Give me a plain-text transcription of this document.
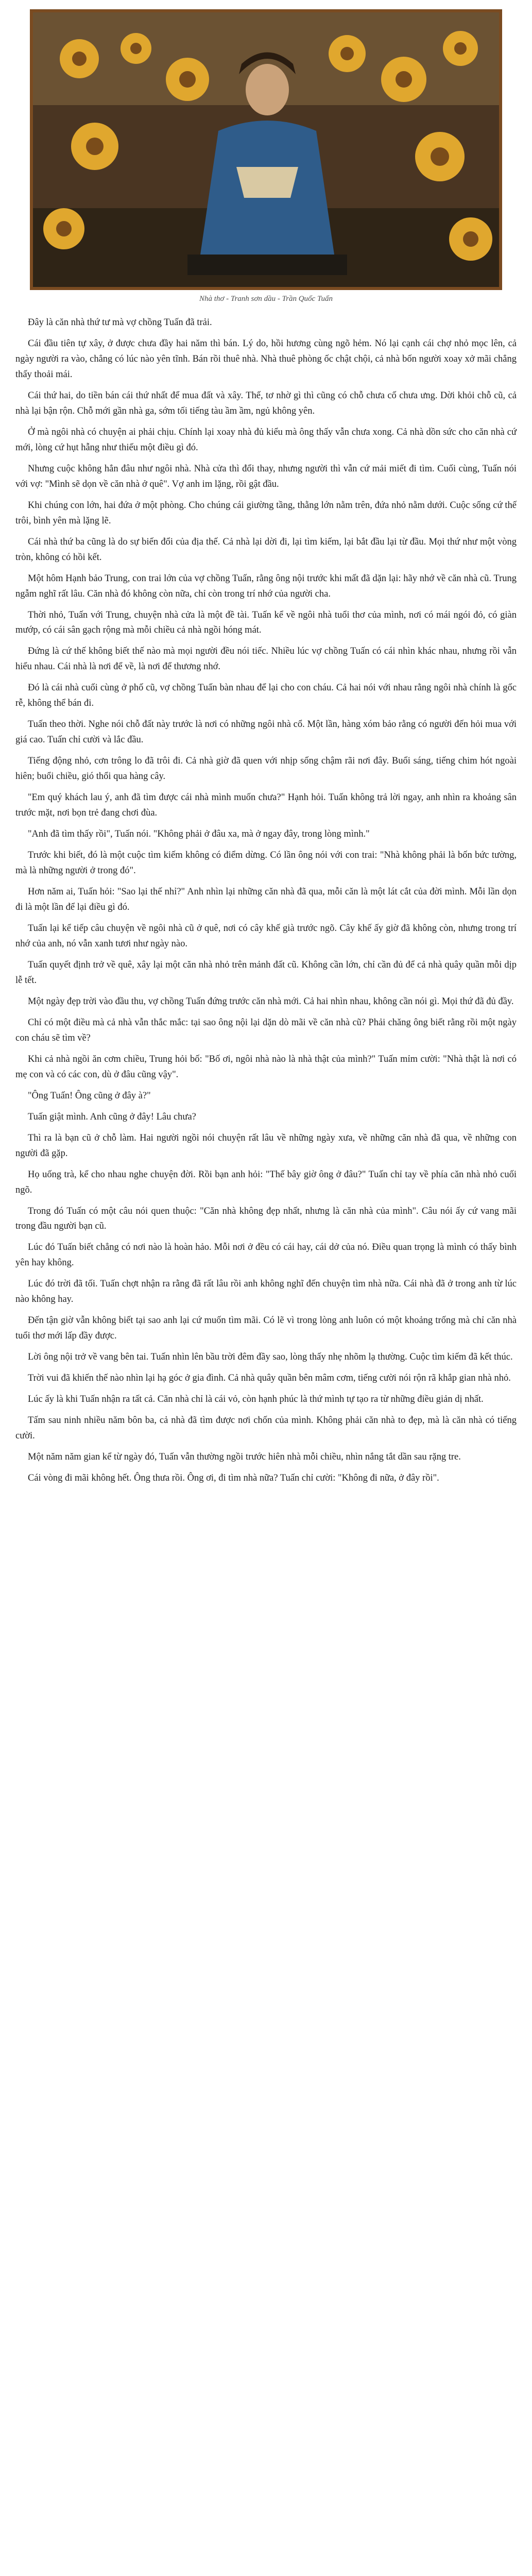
Nhà thơ - Tranh sơn dầu - Trần Quốc Tuấn

Đây là căn nhà thứ tư mà vợ chồng Tuấn đã trải.

Cái đầu tiên tự xây, ở được chưa đầy hai năm thì bán. Lý do, hồi hương cùng ngõ hẻm. Nó lại cạnh cái chợ nhỏ mọc lên, cả ngày người ra vào, chẳng có lúc nào yên tĩnh. Bán rồi thuê nhà. Nhà thuê phòng ốc chật chội, cả nhà bốn người xoay xở mãi chẳng thấy thoải mái.

Cái thứ hai, do tiền bán cái thứ nhất để mua đất và xây. Thế, tơ nhờ gì thì cũng có chỗ chưa cố chưa ưng. Dời khỏi chỗ cũ, cả nhà lại bận rộn. Chỗ mới gần nhà ga, sớm tối tiếng tàu ầm ầm, ngủ không yên.

Ở mà ngôi nhà có chuyện ai phải chịu. Chính lại xoay nhà đủ kiểu mà ông thấy vẫn chưa xong. Cả nhà dồn sức cho căn nhà cứ mới, lòng cứ hụt hẫng như thiếu một điều gì đó.

Nhưng cuộc không hẳn đâu như ngôi nhà. Nhà cửa thì đổi thay, nhưng người thì vẫn cứ mải miết đi tìm. Cuối cùng, Tuấn nói với vợ: "Mình sẽ dọn về căn nhà ở quê". Vợ anh im lặng, rồi gật đầu.

Khi chúng con lớn, hai đứa ở một phòng. Cho chúng cái giường tầng, thằng lớn nằm trên, đứa nhỏ nằm dưới. Cuộc sống cứ thế trôi, bình yên mà lặng lẽ.

Cái nhà thứ ba cũng là do sự biến đổi của địa thế. Cả nhà lại dời đi, lại tìm kiếm, lại bắt đầu lại từ đầu. Mọi thứ như một vòng tròn, không có hồi kết.

Một hôm Hạnh bảo Trung, con trai lớn của vợ chồng Tuấn, rằng ông nội trước khi mất đã dặn lại: hãy nhớ về căn nhà cũ. Trung ngẫm nghĩ rất lâu. Căn nhà đó không còn nữa, chỉ còn trong trí nhớ của người cha.

Thời nhỏ, Tuấn với Trung, chuyện nhà cửa là một đề tài. Tuấn kể về ngôi nhà tuổi thơ của mình, nơi có mái ngói đỏ, có giàn mướp, có cái sân gạch rộng mà mỗi chiều cả nhà ngồi hóng mát.

Đứng là cứ thế không biết thế nào mà mọi người đều nói tiếc. Nhiều lúc vợ chồng Tuấn có cái nhìn khác nhau, nhưng rồi vẫn hiểu nhau. Cái nhà là nơi để về, là nơi để thương nhớ.

Đó là cái nhà cuối cùng ở phố cũ, vợ chồng Tuấn bàn nhau để lại cho con cháu. Cả hai nói với nhau rằng ngôi nhà chính là gốc rễ, không thể bán đi.

Tuấn theo thời. Nghe nói chỗ đất này trước là nơi có những ngôi nhà cổ. Một lần, hàng xóm bảo rằng có người đến hỏi mua với giá cao. Tuấn chỉ cười và lắc đầu.

Tiếng động nhỏ, cơn trông lo đã trôi đi. Cả nhà giờ đã quen với nhịp sống chậm rãi nơi đây. Buổi sáng, tiếng chim hót ngoài hiên; buổi chiều, gió thổi qua hàng cây.

"Em quý khách lau ý, anh đã tìm được cái nhà mình muốn chưa?" Hạnh hỏi. Tuấn không trả lời ngay, anh nhìn ra khoảng sân trước mặt, nơi bọn trẻ đang chơi đùa.

"Anh đã tìm thấy rồi", Tuấn nói. "Không phải ở đâu xa, mà ở ngay đây, trong lòng mình."

Trước khi biết, đó là một cuộc tìm kiếm không có điểm dừng. Có lần ông nói với con trai: "Nhà không phải là bốn bức tường, mà là những người ở trong đó".

Hơn năm ai, Tuấn hỏi: "Sao lại thế nhỉ?" Anh nhìn lại những căn nhà đã qua, mỗi căn là một lát cắt của đời mình. Mỗi lần dọn đi là một lần để lại điều gì đó.

Tuấn lại kể tiếp câu chuyện về ngôi nhà cũ ở quê, nơi có cây khế già trước ngõ. Cây khế ấy giờ đã không còn, nhưng trong trí nhớ của anh, nó vẫn xanh tươi như ngày nào.

Tuấn quyết định trở về quê, xây lại một căn nhà nhỏ trên mảnh đất cũ. Không cần lớn, chỉ cần đủ để cả nhà quây quần mỗi dịp lễ tết.

Một ngày đẹp trời vào đầu thu, vợ chồng Tuấn đứng trước căn nhà mới. Cả hai nhìn nhau, không cần nói gì. Mọi thứ đã đủ đầy.

Chỉ có một điều mà cả nhà vẫn thắc mắc: tại sao ông nội lại dặn dò mãi về căn nhà cũ? Phải chăng ông biết rằng rồi một ngày con cháu sẽ tìm về?

Khi cả nhà ngồi ăn cơm chiều, Trung hỏi bố: "Bố ơi, ngôi nhà nào là nhà thật của mình?" Tuấn mỉm cười: "Nhà thật là nơi có mẹ con và có các con, dù ở đâu cũng vậy".

"Ông Tuấn! Ông cũng ở đây à?"

Tuấn giật mình. Anh cũng ở đây! Lâu chưa?

Thì ra là bạn cũ ở chỗ làm. Hai người ngồi nói chuyện rất lâu về những ngày xưa, về những căn nhà đã qua, về những con người đã gặp.

Họ uống trà, kể cho nhau nghe chuyện đời. Rồi bạn anh hỏi: "Thế bây giờ ông ở đâu?" Tuấn chỉ tay về phía căn nhà nhỏ cuối ngõ.

Trong đó Tuấn có một câu nói quen thuộc: "Căn nhà không đẹp nhất, nhưng là căn nhà của mình". Câu nói ấy cứ vang mãi trong đầu người bạn cũ.

Lúc đó Tuấn biết chẳng có nơi nào là hoàn hảo. Mỗi nơi ở đều có cái hay, cái dở của nó. Điều quan trọng là mình có thấy bình yên hay không.

Lúc đó trời đã tối. Tuấn chợt nhận ra rằng đã rất lâu rồi anh không nghĩ đến chuyện tìm nhà nữa. Cái nhà đã ở trong anh từ lúc nào không hay.

Đến tận giờ vẫn không biết tại sao anh lại cứ muốn tìm mãi. Có lẽ vì trong lòng anh luôn có một khoảng trống mà chỉ căn nhà tuổi thơ mới lấp đầy được.

Lời ông nội trở về vang bên tai. Tuấn nhìn lên bầu trời đêm đầy sao, lòng thấy nhẹ nhõm lạ thường. Cuộc tìm kiếm đã kết thúc.

Trời vui đã khiến thế nào nhìn lại hạ góc ở gia đình. Cả nhà quây quần bên mâm cơm, tiếng cười nói rộn rã khắp gian nhà nhỏ.

Lúc ấy là khi Tuấn nhận ra tất cả. Căn nhà chỉ là cái vỏ, còn hạnh phúc là thứ mình tự tạo ra từ những điều giản dị nhất.

Tấm sau ninh nhiều năm bôn ba, cả nhà đã tìm được nơi chốn của mình. Không phải căn nhà to đẹp, mà là căn nhà có tiếng cười.

Một năm năm gian kể từ ngày đó, Tuấn vẫn thường ngồi trước hiên nhà mỗi chiều, nhìn nắng tắt dần sau rặng tre.

Cái vòng đi mãi không hết. Ông thưa rồi. Ông ơi, đi tìm nhà nữa? Tuấn chỉ cười: "Không đi nữa, ở đây rồi".
